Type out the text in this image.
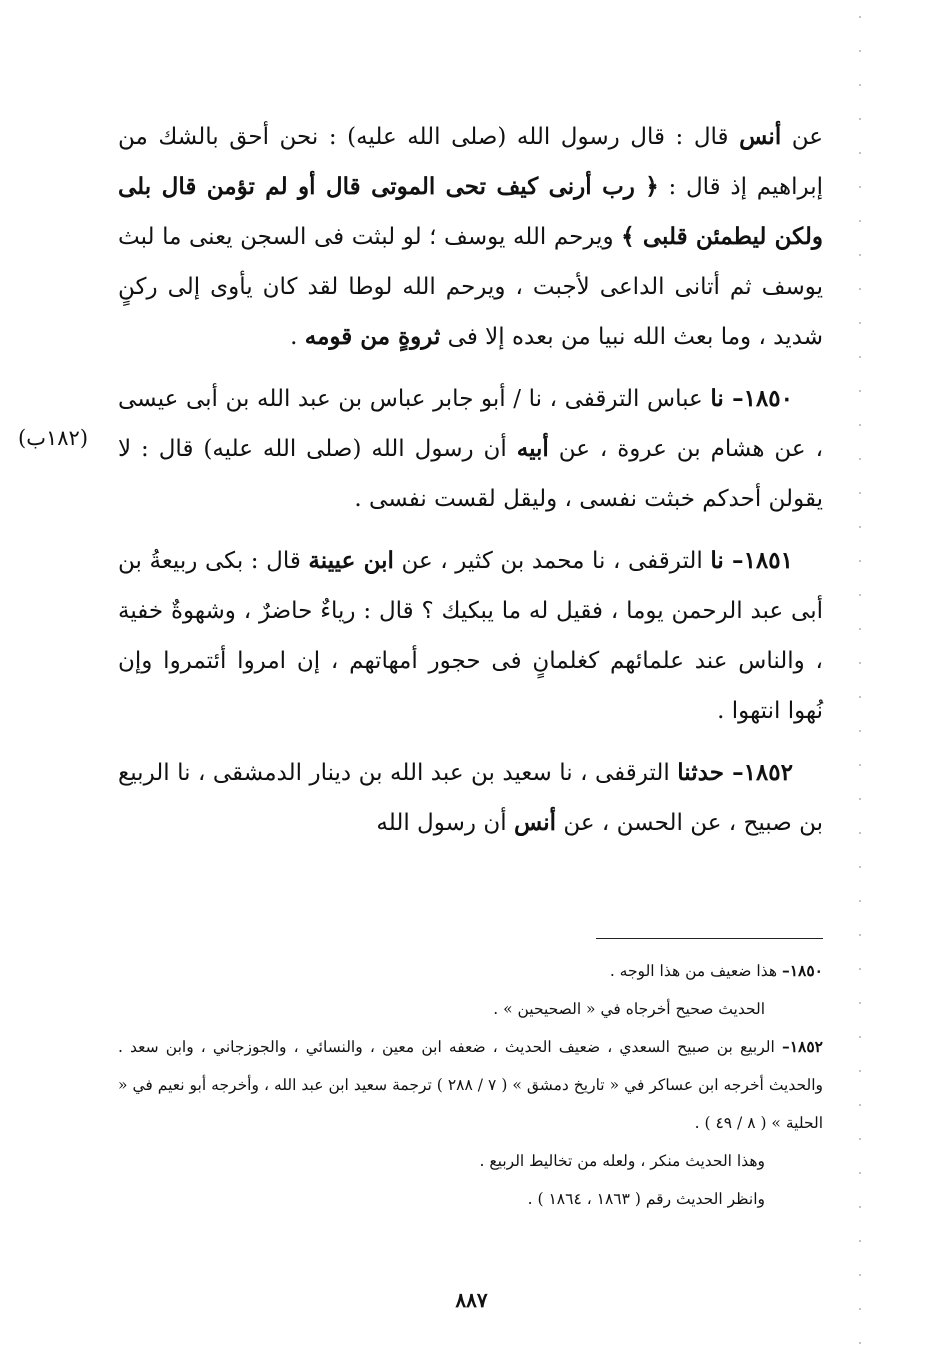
(١٨٢ب)

عن أنس قال : قال رسول الله (صلى الله عليه) : نحن أحق بالشك من إبراهيم إذ قال : ﴿ رب أرنى كيف تحى الموتى قال أو لم تؤمن قال بلى ولكن ليطمئن قلبى ﴾ ويرحم الله يوسف ؛ لو لبثت فى السجن يعنى ما لبث يوسف ثم أتانى الداعى لأجبت ، ويرحم الله لوطا لقد كان يأوى إلى ركنٍ شديد ، وما بعث الله نبيا من بعده إلا فى ثروةٍ من قومه .

١٨٥٠– نا عباس الترقفى ، نا / أبو جابر عباس بن عبد الله بن أبى عيسى ، عن هشام بن عروة ، عن أبيه أن رسول الله (صلى الله عليه) قال : لا يقولن أحدكم خبثت نفسى ، وليقل لقست نفسى .

١٨٥١– نا الترقفى ، نا محمد بن كثير ، عن ابن عيينة قال : بكى ربيعةُ بن أبى عبد الرحمن يوما ، فقيل له ما يبكيك ؟ قال : رياءٌ حاضرٌ ، وشهوةٌ خفية ، والناس عند علمائهم كغلمانٍ فى حجور أمهاتهم ، إن امروا أئتمروا وإن نُهوا انتهوا .

١٨٥٢– حدثنا الترقفى ، نا سعيد بن عبد الله بن دينار الدمشقى ، نا الربيع بن صبيح ، عن الحسن ، عن أنس أن رسول الله

١٨٥٠– هذا ضعيف من هذا الوجه .

الحديث صحيح أخرجاه في « الصحيحين » .

١٨٥٢– الربيع بن صبيح السعدي ، ضعيف الحديث ، ضعفه ابن معين ، والنسائي ، والجوزجاني ، وابن سعد . والحديث أخرجه ابن عساكر في « تاريخ دمشق » ( ٧ / ٢٨٨ ) ترجمة سعيد ابن عبد الله ، وأخرجه أبو نعيم في « الحلية » ( ٨ / ٤٩ ) .

وهذا الحديث منكر ، ولعله من تخاليط الربيع .

وانظر الحديث رقم ( ١٨٦٣ ، ١٨٦٤ ) .

٨٨٧
